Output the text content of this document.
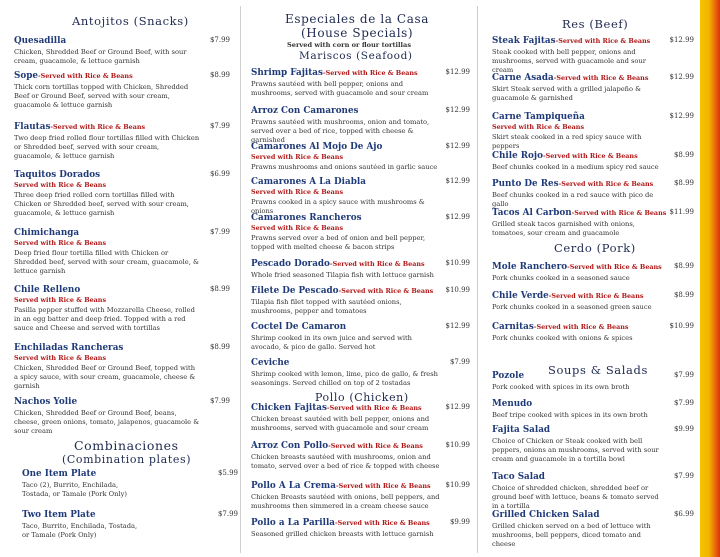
Antojitos (Snacks)
Quesadilla
Chicken, Shredded Beef or Ground Beef, with sour cream, guacamole, & lettuce garnish
$7.99
Sope-Served with Rice & Beans
Thick corn tortillas topped with Chicken, Shredded Beef or Ground Beef, served with sour cream, guacamole & lettuce garnish
$8.99
Flautas-Served with Rice & Beans
Two deep fried rolled flour tortillas filled with Chicken or Shredded beef, served with sour cream, guacamole, & lettuce garnish
$7.99
Taquitos Dorados
Served with Rice & Beans
Three deep fried rolled corn tortillas filled with Chicken or Shredded beef, served with sour cream, guacamole, & lettuce garnish
$6.99
Chimichanga
Served with Rice & Beans
Deep fried flour tortilla filled with Chicken or Shredded beef, served with sour cream, guacamole, & lettuce garnish
$7.99
Chile Relleno
Served with Rice & Beans
Pasilla pepper stuffed with Mozzarella Cheese, rolled in an egg batter and deep fried. Topped with a red sauce and Cheese and served with tortillas
$8.99
Enchiladas Rancheras
Served with Rice & Beans
Chicken, Shredded Beef or Ground Beef, topped with a spicy sauce, with sour cream, guacamole, cheese & garnish
$8.99
Nachos Yolie
Chicken, Shredded Beef or Ground Beef, beans, cheese, green onions, tomato, jalapenos, guacamole & sour cream
$7.99
Combinaciones
(Combination plates)
One Item Plate
Taco (2), Burrito, Enchilada, Tostada, or Tamale (Pork Only)
$5.99
Two Item Plate
Taco, Burrito, Enchilada, Tostada, or Tamale (Pork Only)
$7.99
Especiales de la Casa
(House Specials)
Served with corn or flour tortillas
Mariscos (Seafood)
Shrimp Fajitas-Served with Rice & Beans
Prawns sautéed with bell pepper, onions and mushrooms, served with guacamole and sour cream
$12.99
Arroz Con Camarones
Prawns sautéed with mushrooms, onion and tomato, served over a bed of rice, topped with cheese & garnished
$12.99
Camarones Al Mojo De Ajo
Served with Rice & Beans
Prawns mushrooms and onions sautéed in garlic sauce
$12.99
Camarones A La Diabla
Served with Rice & Beans
Prawns cooked in a spicy sauce with mushrooms & onions
$12.99
Camarones Rancheros
Served with Rice & Beans
Prawns served over a bed of onion and bell pepper, topped with melted cheese & bacon strips
$12.99
Pescado Dorado-Served with Rice & Beans
Whole fried seasoned Tilapia fish with lettuce garnish
$10.99
Filete De Pescado-Served with Rice & Beans
Tilapia fish filet topped with sautéed onions, mushrooms, pepper and tomatoes
$10.99
Coctel De Camaron
Shrimp cooked in its own juice and served with avocado, & pico de gallo. Served hot
$12.99
Ceviche
Shrimp cooked with lemon, lime, pico de gallo, & fresh seasonings. Served chilled on top of 2 tostadas
$7.99
Pollo (Chicken)
Chicken Fajitas-Served with Rice & Beans
Chicken breast sautéed with bell pepper, onions and mushrooms, served with guacamole and sour cream
$12.99
Arroz Con Pollo-Served with Rice & Beans
Chicken breasts sautéed with mushrooms, onion and tomato, served over a bed of rice & topped with cheese
$10.99
Pollo A La Crema-Served with Rice & Beans
Chicken Breasts sautéed with onions, bell peppers, and mushrooms then simmered in a cream cheese sauce
$10.99
Pollo a La Parilla-Served with Rice & Beans
Seasoned grilled chicken breasts with lettuce garnish
$9.99
Res (Beef)
Steak Fajitas-Served with Rice & Beans
Steak cooked with bell pepper, onions and mushrooms, served with guacamole and sour cream
$12.99
Carne Asada-Served with Rice & Beans
Skirt Steak served with a grilled jalapeño & guacamole & garnished
$12.99
Carne Tampiqueña
Served with Rice & Beans
Skirt steak cooked in a red spicy sauce with peppers
$12.99
Chile Rojo-Served with Rice & Beans
Beef chunks cooked in a medium spicy red sauce
$8.99
Punto De Res-Served with Rice & Beans
Beef chunks cooked in a red sauce with pico de gallo
$8.99
Tacos Al Carbon-Served with Rice & Beans
Grilled steak tacos garnished with onions, tomatoes, sour cream and guacamole
$11.99
Cerdo (Pork)
Mole Ranchero-Served with Rice & Beans
Pork chunks cooked in a seasoned sauce
$8.99
Chile Verde-Served with Rice & Beans
Pork chunks cooked in a seasoned green sauce
$8.99
Carnitas-Served with Rice & Beans
Pork chunks cooked with onions & spices
$10.99
Soups & Salads
Pozole
Pork cooked with spices in its own broth
$7.99
Menudo
Beef tripe cooked with spices in its own broth
$7.99
Fajita Salad
Choice of Chicken or Steak cooked with bell peppers, onions an mushrooms, served with sour cream and guacamole in a tortilla bowl
$9.99
Taco Salad
Choice of shredded chicken, shredded beef or ground beef with lettuce, beans & tomato served in a tortilla
$7.99
Grilled Chicken Salad
Grilled chicken served on a bed of lettuce with mushrooms, bell peppers, diced tomato and cheese
$6.99
